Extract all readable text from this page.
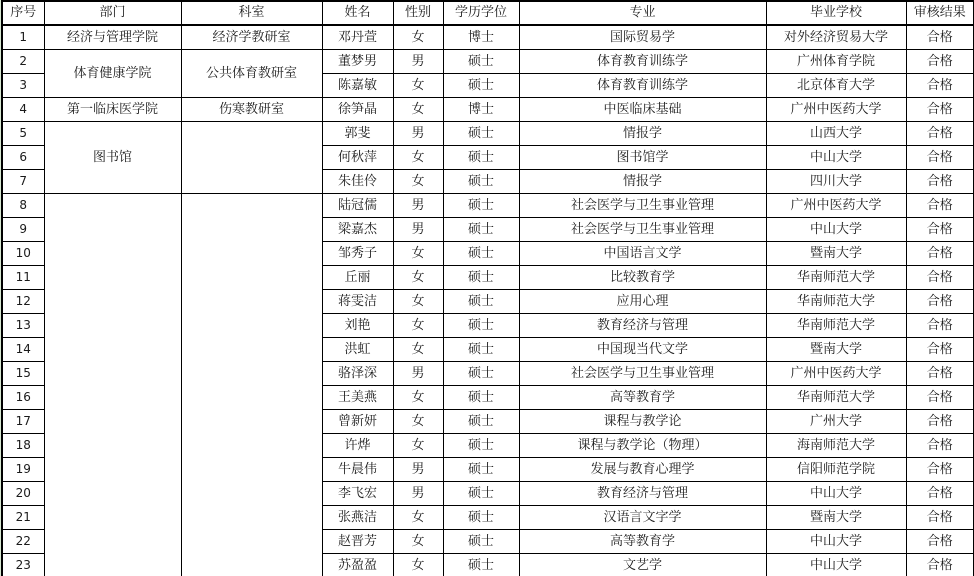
序号	部门	科室	姓名	性别	学历学位	专业	毕业学校	审核结果
1	经济与管理学院	经济学教研室	邓丹萱	女	博士	国际贸易学	对外经济贸易大学	合格
2	体育健康学院	公共体育教研室	董梦男	男	硕士	体育教育训练学	广州体育学院	合格
3			陈嘉敏	女	硕士	体育教育训练学	北京体育大学	合格
4	第一临床医学院	伤寒教研室	徐笋晶	女	博士	中医临床基础	广州中医药大学	合格
5	图书馆		郭斐	男	硕士	情报学	山西大学	合格
6			何秋萍	女	硕士	图书馆学	中山大学	合格
7			朱佳伶	女	硕士	情报学	四川大学	合格
8			陆冠儒	男	硕士	社会医学与卫生事业管理	广州中医药大学	合格
9			梁嘉杰	男	硕士	社会医学与卫生事业管理	中山大学	合格
10			邹秀子	女	硕士	中国语言文学	暨南大学	合格
11			丘丽	女	硕士	比较教育学	华南师范大学	合格
12			蒋雯洁	女	硕士	应用心理	华南师范大学	合格
13			刘艳	女	硕士	教育经济与管理	华南师范大学	合格
14			洪虹	女	硕士	中国现当代文学	暨南大学	合格
15			骆泽深	男	硕士	社会医学与卫生事业管理	广州中医药大学	合格
16			王美燕	女	硕士	高等教育学	华南师范大学	合格
17			曾新妍	女	硕士	课程与教学论	广州大学	合格
18			许烨	女	硕士	课程与教学论（物理）	海南师范大学	合格
19			牛晨伟	男	硕士	发展与教育心理学	信阳师范学院	合格
20			李飞宏	男	硕士	教育经济与管理	中山大学	合格
21			张燕洁	女	硕士	汉语言文字学	暨南大学	合格
22			赵晋芳	女	硕士	高等教育学	中山大学	合格
23			苏盈盈	女	硕士	文艺学	中山大学	合格
